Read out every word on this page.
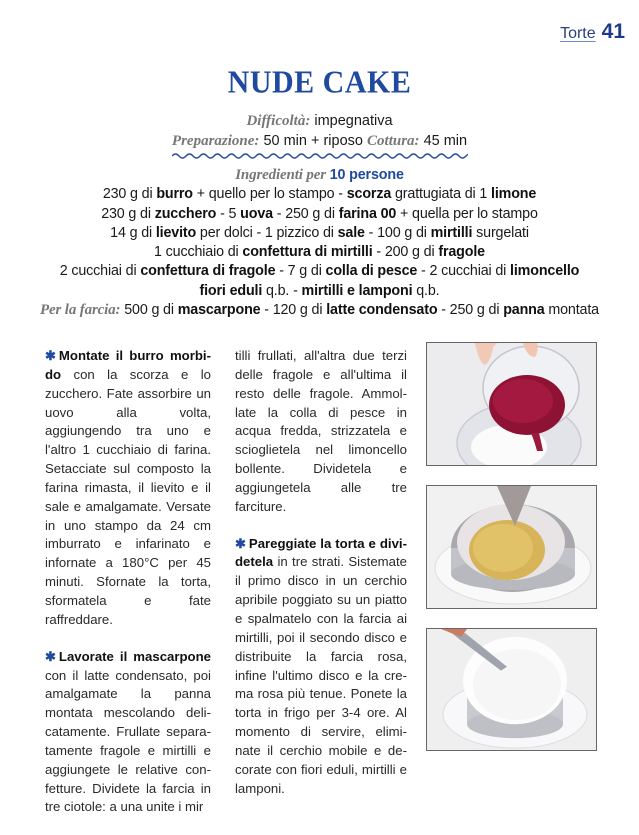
Torte 41
NUDE CAKE
Difficoltà: impegnativa
Preparazione: 50 min + riposo Cottura: 45 min
Ingredienti per 10 persone
230 g di burro + quello per lo stampo - scorza grattugiata di 1 limone
230 g di zucchero - 5 uova - 250 g di farina 00 + quella per lo stampo
14 g di lievito per dolci - 1 pizzico di sale - 100 g di mirtilli surgelati
1 cucchiaio di confettura di mirtilli - 200 g di fragole
2 cucchiai di confettura di fragole - 7 g di colla di pesce - 2 cucchiai di limoncello
fiori eduli q.b. - mirtilli e lamponi q.b.
Per la farcia: 500 g di mascarpone - 120 g di latte condensato - 250 g di panna montata

✱ Montate il burro morbido con la scorza e lo zucchero. Fate assorbire un uovo alla volta, aggiungendo tra uno e l'altro 1 cucchiaio di farina. Setacciate sul composto la farina rimasta, il lievito e il sale e amalgamate. Versate in uno stampo da 24 cm imburrato e infarinato e infornate a 180°C per 45 minuti. Sfornate la torta, sformatela e fate raffreddare.

✱ Lavorate il mascarpone con il latte condensato, poi amalgamate la panna montata mescolando delicatamente. Frullate separatamente fragole e mirtilli e aggiungete le relative confetture. Dividete la farcia in tre ciotole: a una unite i mir

tilli frullati, all'altra due terzi delle fragole e all'ultima il resto delle fragole. Ammollate la colla di pesce in acqua fredda, strizzatela e scioglietela nel limoncello bollente. Dividetela e aggiungetela alle tre farciture.

✱ Pareggiate la torta e dividetela in tre strati. Sistemate il primo disco in un cerchio apribile poggiato su un piatto e spalmatelo con la farcia ai mirtilli, poi il secondo disco e distribuite la farcia rosa, infine l'ultimo disco e la crema rosa più tenue. Ponete la torta in frigo per 3-4 ore. Al momento di servire, eliminate il cerchio mobile e decorate con fiori eduli, mirtilli e lamponi.
